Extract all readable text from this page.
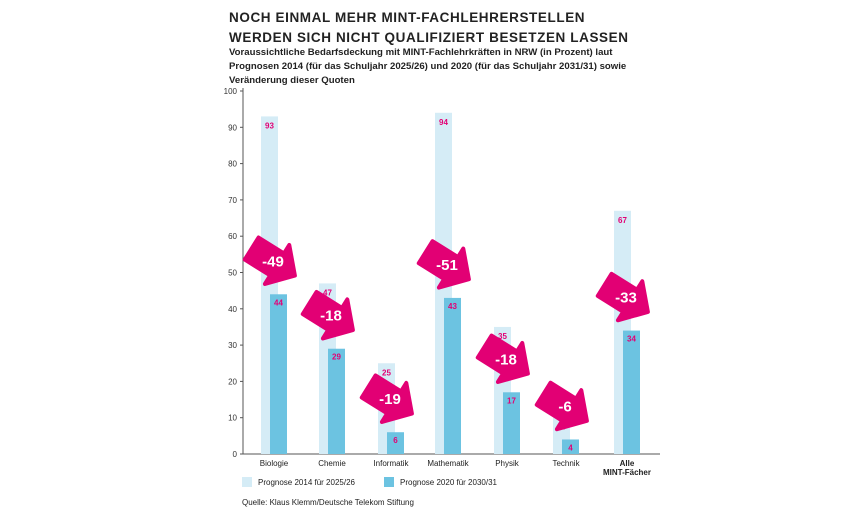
NOCH EINMAL MEHR MINT-FACHLEHRERSTELLEN WERDEN SICH NICHT QUALIFIZIERT BESETZEN LASSEN
Voraussichtliche Bedarfsdeckung mit MINT-Fachlehrkräften in NRW (in Prozent) laut Prognosen 2014 (für das Schuljahr 2025/26) und 2020 (für das Schuljahr 2031/31) sowie Veränderung dieser Quoten
0
10
20
30
40
50
60
70
80
90
100
93
44
-49
Biologie
47
29
-18
Chemie
25
6
-19
Informatik
94
43
-51
Mathematik
35
17
-18
Physik
4
-6
Technik
67
34
-33
Alle MINT-Fächer
Prognose 2014 für 2025/26	Prognose 2020 für 2030/31
Quelle: Klaus Klemm/Deutsche Telekom Stiftung
